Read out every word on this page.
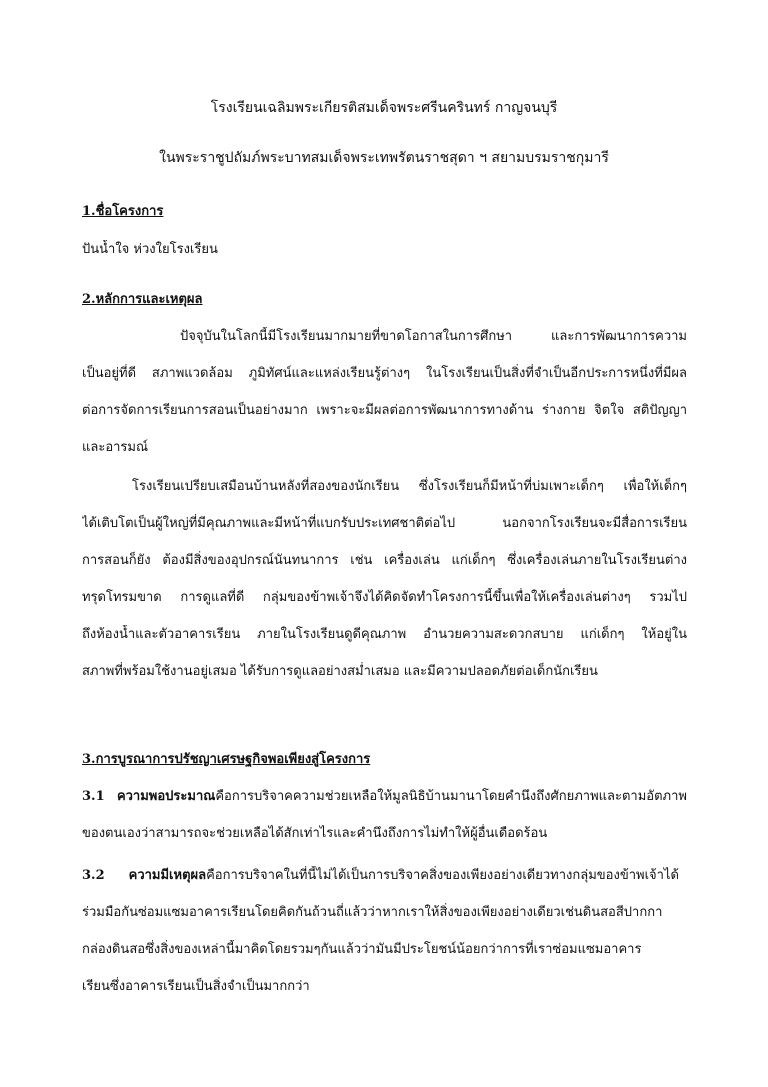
โรงเรียนเฉลิมพระเกียรติสมเด็จพระศรีนครินทร์ กาญจนบุรี

ในพระราชูปถัมภ์พระบาทสมเด็จพระเทพรัตนราชสุดา ฯ สยามบรมราชกุมารี

1.ชื่อโครงการ

ปันน้ำใจ ห่วงใยโรงเรียน

2.หลักการและเหตุผล

ปัจจุบันในโลกนี้มีโรงเรียนมากมายที่ขาดโอกาสในการศึกษา และการพัฒนาการความ

เป็นอยู่ที่ดี สภาพแวดล้อม ภูมิทัศน์และแหล่งเรียนรู้ต่างๆ ในโรงเรียนเป็นสิ่งที่จำเป็นอีกประการหนึ่งที่มีผล

ต่อการจัดการเรียนการสอนเป็นอย่างมาก เพราะจะมีผลต่อการพัฒนาการทางด้าน ร่างกาย จิตใจ สติปัญญา

และอารมณ์

โรงเรียนเปรียบเสมือนบ้านหลังที่สองของนักเรียน ซึ่งโรงเรียนก็มีหน้าที่บ่มเพาะเด็กๆ เพื่อให้เด็กๆ

ได้เติบโตเป็นผู้ใหญ่ที่มีคุณภาพและมีหน้าที่แบกรับประเทศชาติต่อไป นอกจากโรงเรียนจะมีสื่อการเรียน

การสอนก็ยัง ต้องมีสิ่งของอุปกรณ์นันทนาการ เช่น เครื่องเล่น แก่เด็กๆ ซึ่งเครื่องเล่นภายในโรงเรียนต่าง

ทรุดโทรมขาด การดูแลที่ดี กลุ่มของข้าพเจ้าจึงได้คิดจัดทำโครงการนี้ขึ้นเพื่อให้เครื่องเล่นต่างๆ รวมไป

ถึงห้องน้ำและตัวอาคารเรียน ภายในโรงเรียนดูดีคุณภาพ อำนวยความสะดวกสบาย แก่เด็กๆ ให้อยู่ใน

สภาพที่พร้อมใช้งานอยู่เสมอ ได้รับการดูแลอย่างสม่ำเสมอ และมีความปลอดภัยต่อเด็กนักเรียน

3.การบูรณาการปรัชญาเศรษฐกิจพอเพียงสู่โครงการ

3.1 ความพอประมาณคือการบริจาคความช่วยเหลือให้มูลนิธิบ้านมานาโดยคำนึงถึงศักยภาพและตามอัตภาพ

ของตนเองว่าสามารถจะช่วยเหลือได้สักเท่าไรและคำนึงถึงการไม่ทำให้ผู้อื่นเดือดร้อน

3.2 ความมีเหตุผลคือการบริจาคในที่นี้ไม่ได้เป็นการบริจาคสิ่งของเพียงอย่างเดียวทางกลุ่มของข้าพเจ้าได้

ร่วมมือกันซ่อมแซมอาคารเรียนโดยคิดกันถ้วนถี่แล้วว่าหากเราให้สิ่งของเพียงอย่างเดียวเช่นดินสอสีปากกา

กล่องดินสอซึ่งสิ่งของเหล่านี้มาคิดโดยรวมๆกันแล้วว่ามันมีประโยชน์น้อยกว่าการที่เราซ่อมแซมอาคาร

เรียนซึ่งอาคารเรียนเป็นสิ่งจำเป็นมากกว่า
